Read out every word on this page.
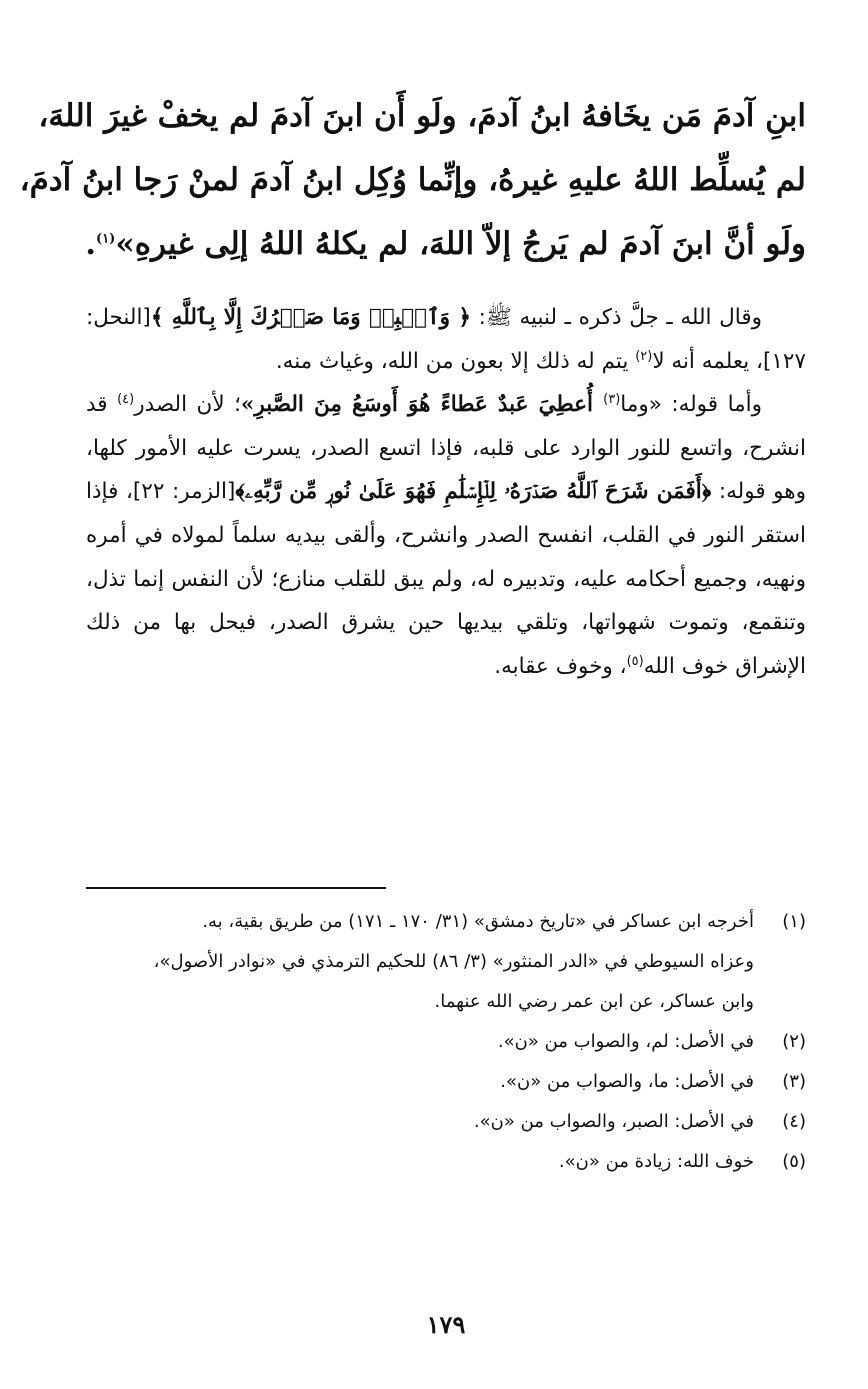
ابنِ آدمَ مَن يخَافهُ ابنُ آدمَ، ولَو أَن ابنَ آدمَ لم يخفْ غيرَ اللهَ،
لم يُسلِّط اللهُ عليهِ غيرهُ، وإنِّما وُكِل ابنُ آدمَ لمنْ رَجا ابنُ آدمَ،
ولَو أنَّ ابنَ آدمَ لم يَرجُ إلاّ اللهَ، لم يكلهُ اللهُ إلِى غيرهِ»$^{(١)}$.

وقال الله ـ جلَّ ذكره ـ لنبيه ﷺ: ﴿ وَٱصۡبِرۡ وَمَا صَبۡرُكَ إِلَّا بِٱللَّهِ ﴾[النحل: ١٢٧]، يعلمه أنه لا$^{(٢)}$ يتم له ذلك إلا بعون من الله، وغياث منه.

وأما قوله: «وما$^{(٣)}$ أُعطِيَ عَبدٌ عَطاءً هُوَ أَوسَعُ مِنَ الصَّبرِ»؛ لأن الصدر$^{(٤)}$ قد انشرح، واتسع للنور الوارد على قلبه، فإذا اتسع الصدر، يسرت عليه الأمور كلها، وهو قوله: ﴿أَفَمَن شَرَحَ ٱللَّهُ صَدۡرَهُۥ لِلۡإِسۡلَٰمِ فَهُوَ عَلَىٰ نُورٖ مِّن رَّبِّهِۦ﴾[الزمر: ٢٢]، فإذا استقر النور في القلب، انفسح الصدر وانشرح، وألقى بيديه سلماً لمولاه في أمره ونهيه، وجميع أحكامه عليه، وتدبيره له، ولم يبق للقلب منازع؛ لأن النفس إنما تذل، وتنقمع، وتموت شهواتها، وتلقي بيديها حين يشرق الصدر، فيحل بها من ذلك الإشراق خوف الله$^{(٥)}$، وخوف عقابه.

(١)أخرجه ابن عساكر في «تاريخ دمشق» (٣١/ ١٧٠ ـ ١٧١) من طريق بقية، به.
وعزاه السيوطي في «الدر المنثور» (٣/ ٨٦) للحكيم الترمذي في «نوادر الأصول»،
وابن عساكر، عن ابن عمر رضي الله عنهما.
(٢)في الأصل: لم، والصواب من «ن».
(٣)في الأصل: ما، والصواب من «ن».
(٤)في الأصل: الصبر، والصواب من «ن».
(٥)خوف الله: زيادة من «ن».
١٧٩
